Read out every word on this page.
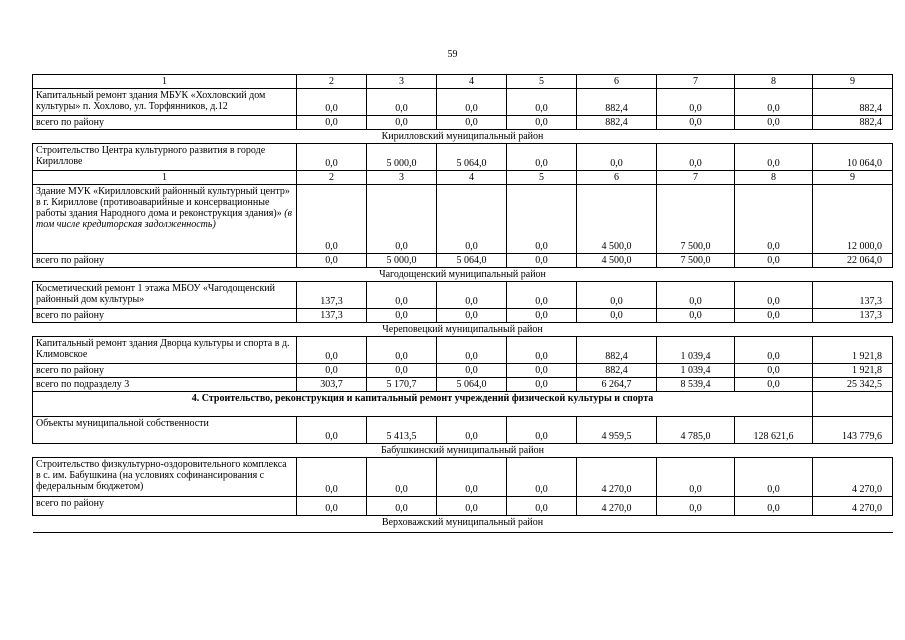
59
1	2	3	4	5	6	7	8	9
Капитальный ремонт здания МБУК «Хохловский дом культуры» п. Хохлово, ул. Торфянников, д.12	0,0	0,0	0,0	0,0	882,4	0,0	0,0	882,4
всего по району	0,0	0,0	0,0	0,0	882,4	0,0	0,0	882,4
Кирилловский муниципальный район								
Строительство Центра культурного развития в городе Кириллове	0,0	5 000,0	5 064,0	0,0	0,0	0,0	0,0	10 064,0
1	2	3	4	5	6	7	8	9
Здание МУК «Кирилловский районный культурный центр» в г. Кириллове (противоаварийные и консервационные работы здания Народного дома и реконструкция здания)» (в том числе кредиторская задолженность)	0,0	0,0	0,0	0,0	4 500,0	7 500,0	0,0	12 000,0
всего по району	0,0	5 000,0	5 064,0	0,0	4 500,0	7 500,0	0,0	22 064,0
Чагодощенский муниципальный район								
Косметический ремонт 1 этажа МБОУ «Чагодощенский районный дом культуры»	137,3	0,0	0,0	0,0	0,0	0,0	0,0	137,3
всего по району	137,3	0,0	0,0	0,0	0,0	0,0	0,0	137,3
Череповецкий муниципальный район								
Капитальный ремонт здания Дворца культуры и спорта в д. Климовское	0,0	0,0	0,0	0,0	882,4	1 039,4	0,0	1 921,8
всего по району	0,0	0,0	0,0	0,0	882,4	1 039,4	0,0	1 921,8
всего по подразделу 3	303,7	5 170,7	5 064,0	0,0	6 264,7	8 539,4	0,0	25 342,5
4. Строительство, реконструкция и капитальный ремонт учреждений физической культуры и спорта								
Объекты муниципальной собственности	0,0	5 413,5	0,0	0,0	4 959,5	4 785,0	128 621,6	143 779,6
Бабушкинский муниципальный район								
Строительство физкультурно-оздоровительного комплекса в с. им. Бабушкина (на условиях софинансирования с федеральным бюджетом)	0,0	0,0	0,0	0,0	4 270,0	0,0	0,0	4 270,0
всего по району	0,0	0,0	0,0	0,0	4 270,0	0,0	0,0	4 270,0
Верховажский муниципальный район								
